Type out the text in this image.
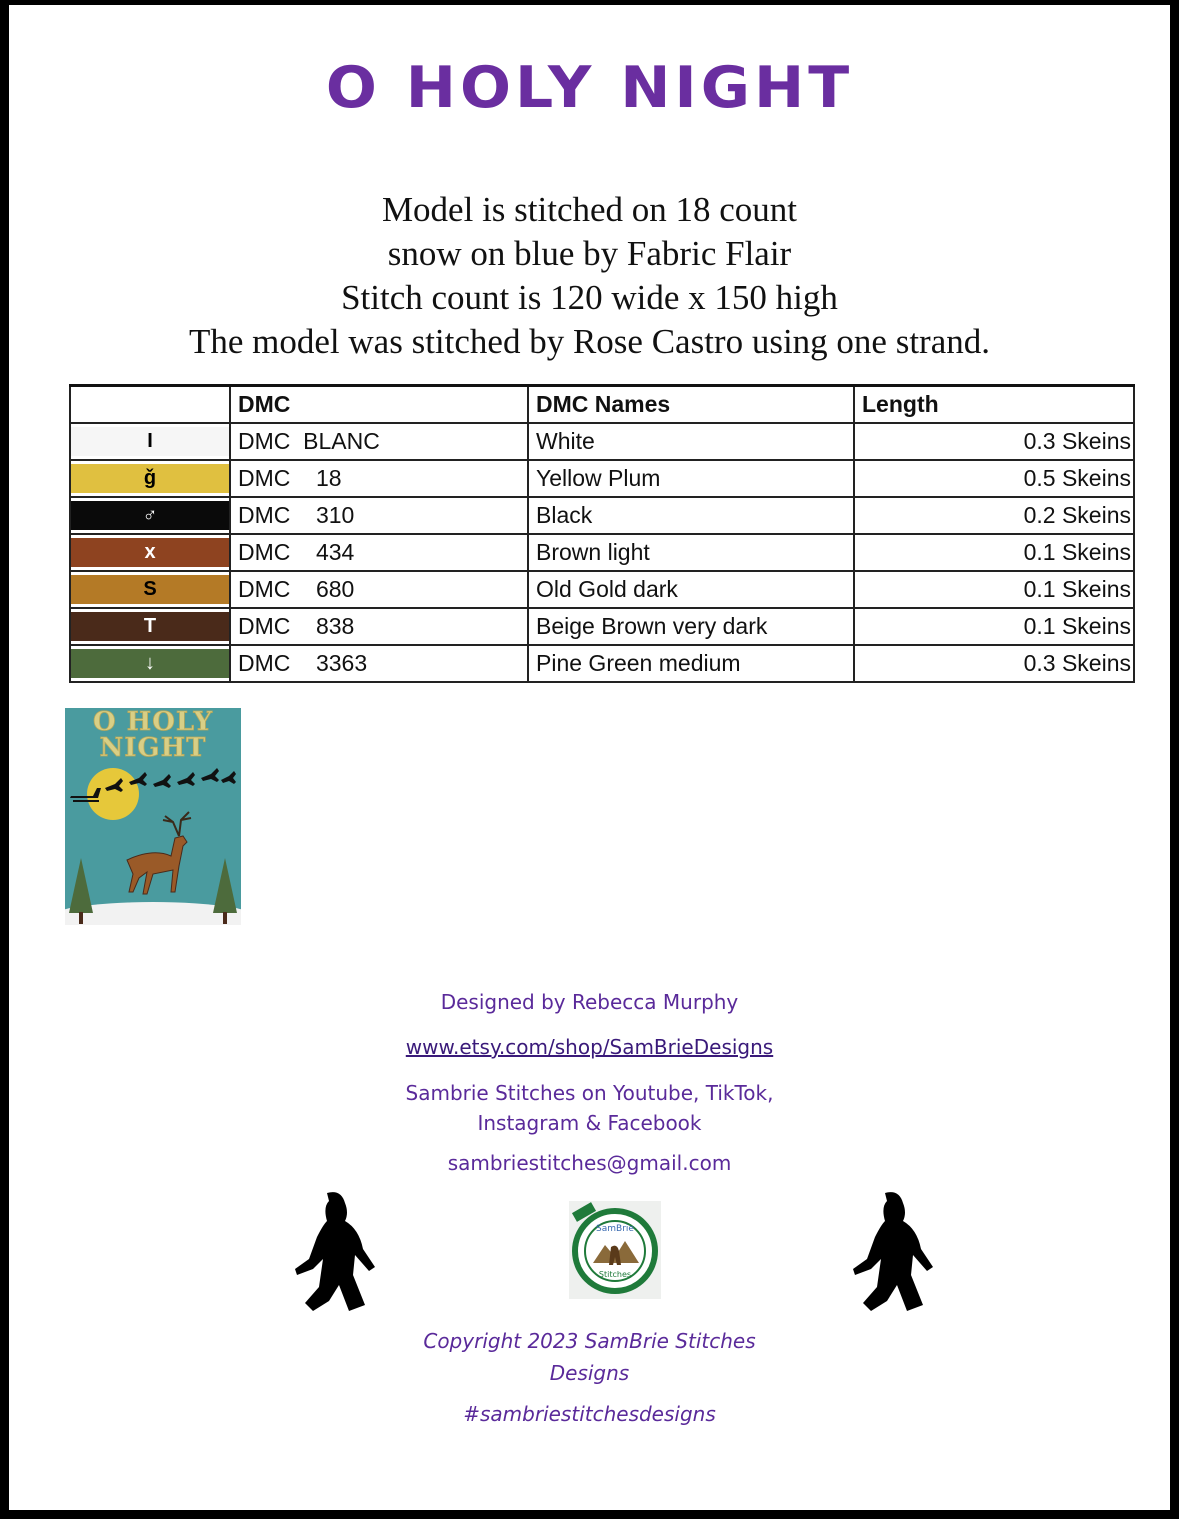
O HOLY NIGHT
Model is stitched on 18 count
snow on blue by Fabric Flair
Stitch count is 120 wide x 150 high
The model was stitched by Rose Castro using one strand.
	DMC	DMC Names	Length

I	DMC  BLANC	White	0.3 Skeins

ǧ	DMC    18	Yellow Plum	0.5 Skeins

♂	DMC    310	Black	0.2 Skeins

x	DMC    434	Brown light	0.1 Skeins

S	DMC    680	Old Gold dark	0.1 Skeins

T	DMC    838	Beige Brown very dark	0.1 Skeins

↓	DMC    3363	Pine Green medium	0.3 Skeins
O HOLY
NIGHT
Designed by Rebecca Murphy
www.etsy.com/shop/SamBrieDesigns
Sambrie Stitches on Youtube, TikTok,
Instagram & Facebook
sambriestitches@gmail.com
SamBrie
Stitches
Copyright 2023 SamBrie Stitches
Designs
#sambriestitchesdesigns
